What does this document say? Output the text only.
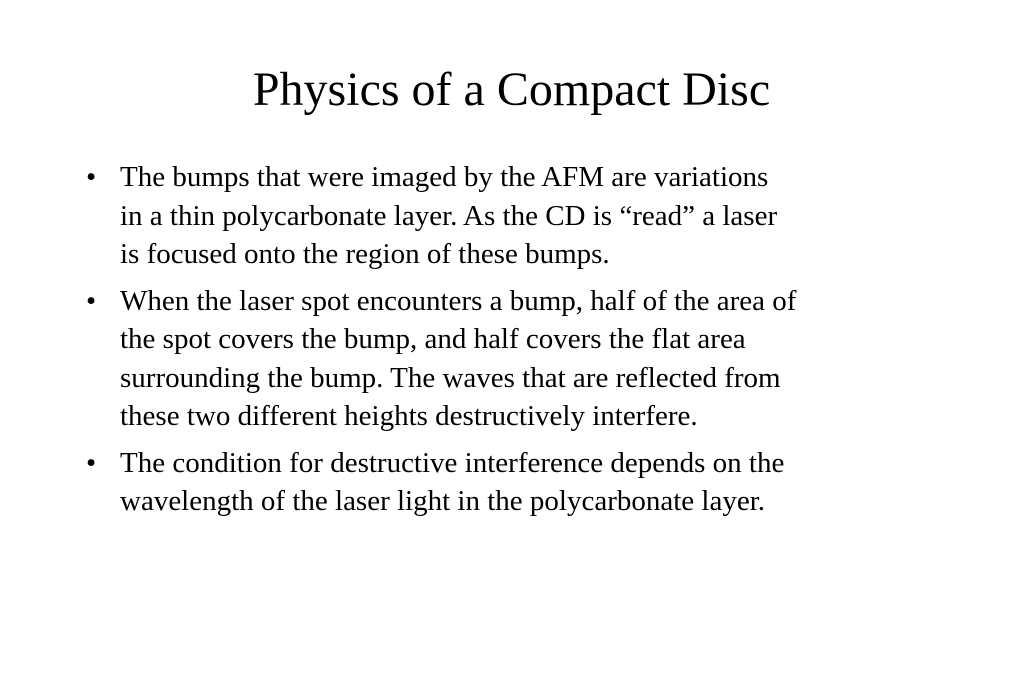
Physics of a Compact Disc
• The bumps that were imaged by the AFM are variations
in a thin polycarbonate layer. As the CD is “read” a laser
is focused onto the region of these bumps.
• When the laser spot encounters a bump, half of the area of
the spot covers the bump, and half covers the flat area
surrounding the bump. The waves that are reflected from
these two different heights destructively interfere.
• The condition for destructive interference depends on the
wavelength of the laser light in the polycarbonate layer.
